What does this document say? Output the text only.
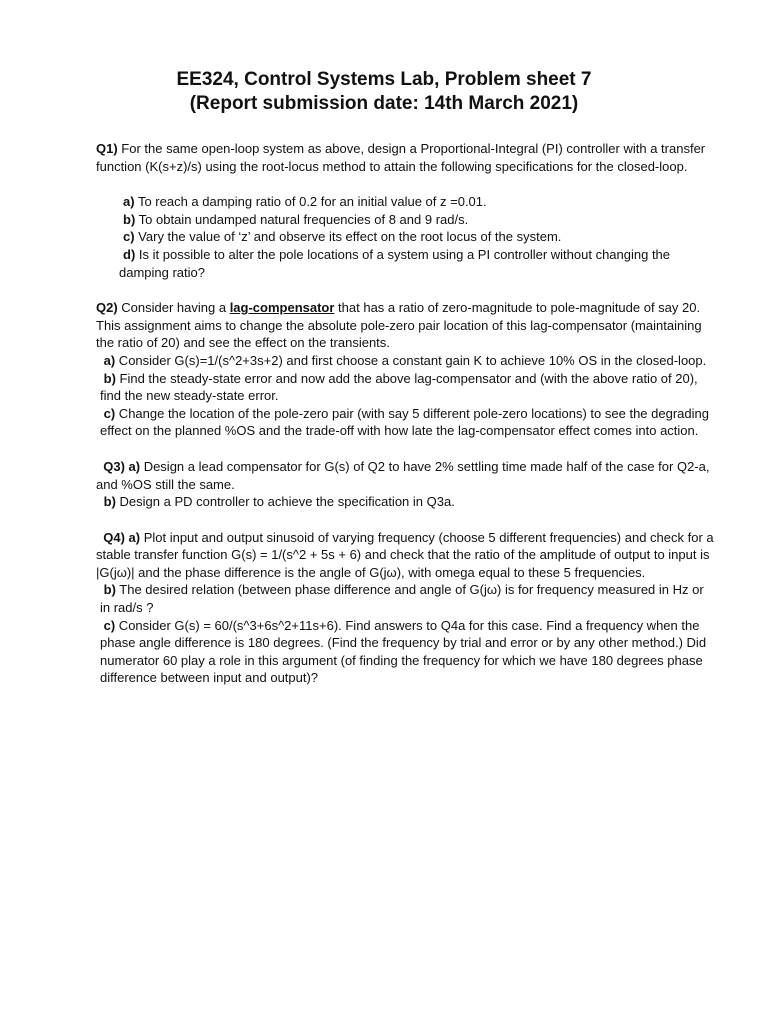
EE324, Control Systems Lab, Problem sheet 7
(Report submission date: 14th March 2021)

Q1) For the same open-loop system as above, design a Proportional-Integral (PI) controller with a transfer function (K(s+z)/s) using the root-locus method to attain the following specifications for the closed-loop.

a) To reach a damping ratio of 0.2 for an initial value of z =0.01.
b) To obtain undamped natural frequencies of 8 and 9 rad/s.
c) Vary the value of ‘z’ and observe its effect on the root locus of the system.
d) Is it possible to alter the pole locations of a system using a PI controller without changing the damping ratio?

Q2) Consider having a lag-compensator that has a ratio of zero-magnitude to pole-magnitude of say 20. This assignment aims to change the absolute pole-zero pair location of this lag-compensator (maintaining the ratio of 20) and see the effect on the transients.

a) Consider G(s)=1/(s^2+3s+2) and first choose a constant gain K to achieve 10% OS in the closed-loop.
b) Find the steady-state error and now add the above lag-compensator and (with the above ratio of 20), find the new steady-state error.
c) Change the location of the pole-zero pair (with say 5 different pole-zero locations) to see the degrading effect on the planned %OS and the trade-off with how late the lag-compensator effect comes into action.

Q3) a) Design a lead compensator for G(s) of Q2 to have 2% settling time made half of the case for Q2-a, and %OS still the same.

b) Design a PD controller to achieve the specification in Q3a.

Q4) a) Plot input and output sinusoid of varying frequency (choose 5 different frequencies) and check for a stable transfer function G(s) = 1/(s^2 + 5s + 6) and check that the ratio of the amplitude of output to input is |G(jω)| and the phase difference is the angle of G(jω), with omega equal to these 5 frequencies.

b) The desired relation (between phase difference and angle of G(jω) is for frequency measured in Hz or in rad/s ?
c) Consider G(s) = 60/(s^3+6s^2+11s+6). Find answers to Q4a for this case. Find a frequency when the phase angle difference is 180 degrees. (Find the frequency by trial and error or by any other method.) Did numerator 60 play a role in this argument (of finding the frequency for which we have 180 degrees phase difference between input and output)?
